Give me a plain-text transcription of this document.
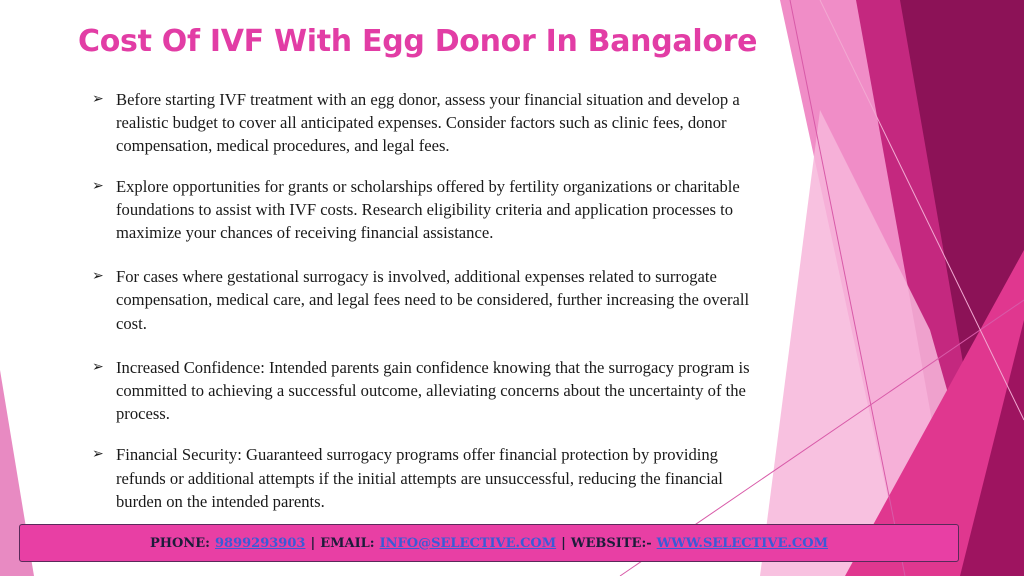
Cost Of IVF With Egg Donor In Bangalore
➢ Before starting IVF treatment with an egg donor, assess your financial situation and develop a realistic budget to cover all anticipated expenses. Consider factors such as clinic fees, donor compensation, medical procedures, and legal fees.
➢ Explore opportunities for grants or scholarships offered by fertility organizations or charitable foundations to assist with IVF costs. Research eligibility criteria and application processes to maximize your chances of receiving financial assistance.
➢ For cases where gestational surrogacy is involved, additional expenses related to surrogate compensation, medical care, and legal fees need to be considered, further increasing the overall cost.
➢ Increased Confidence: Intended parents gain confidence knowing that the surrogacy program is committed to achieving a successful outcome, alleviating concerns about the uncertainty of the process.
➢ Financial Security: Guaranteed surrogacy programs offer financial protection by providing refunds or additional attempts if the initial attempts are unsuccessful, reducing the financial burden on the intended parents.
PHONE: 9899293903 | EMAIL: INFO@SELECTIVE.COM | WEBSITE:- WWW.SELECTIVE.COM
